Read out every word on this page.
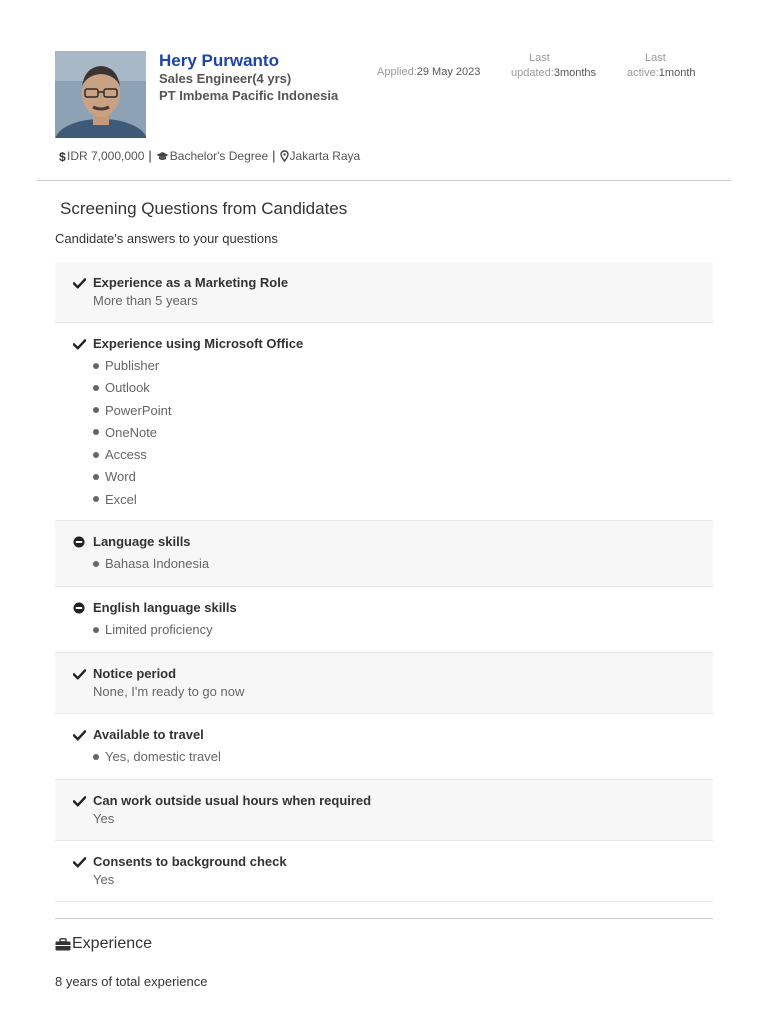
Hery Purwanto
Sales Engineer(4 yrs)
PT Imbema Pacific Indonesia
Applied:29 May 2023
Last
updated:3months
Last
active:1month
$ IDR 7,000,000 | Bachelor's Degree | Jakarta Raya
Screening Questions from Candidates
Candidate's answers to your questions
Experience as a Marketing Role
More than 5 years
Experience using Microsoft Office
Publisher
Outlook
PowerPoint
OneNote
Access
Word
Excel
Language skills
Bahasa Indonesia
English language skills
Limited proficiency
Notice period
None, I'm ready to go now
Available to travel
Yes, domestic travel
Can work outside usual hours when required
Yes
Consents to background check
Yes
Experience
8 years of total experience
